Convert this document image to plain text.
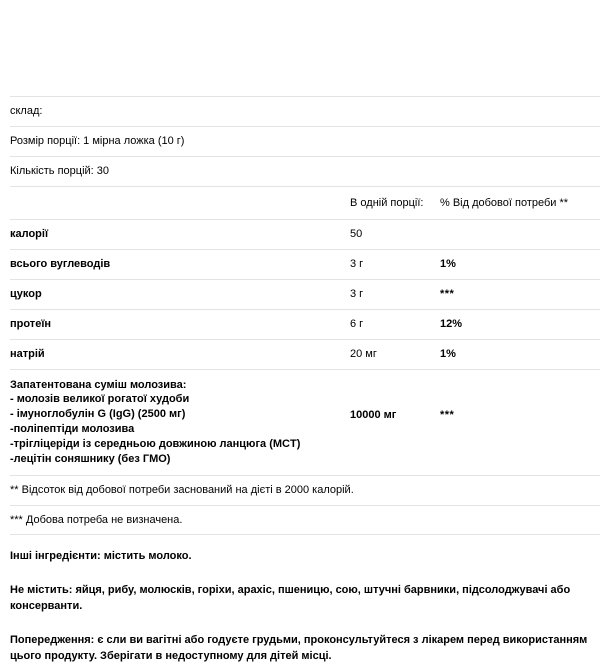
склад:		
Розмір порції: 1 мірна ложка (10 г)		
Кількість порцій: 30		
	В одній порції:	% Від добової потреби **
калорії	50	
всього вуглеводів	3 г	1%
цукор	3 г	***
протеїн	6 г	12%
натрій	20 мг	1%

Запатентована суміш молозива:
- молозів великої рогатої худоби
- імуноглобулін G (IgG) (2500 мг)
-поліпептіди молозива
-трігліцеріди із середньою довжиною ланцюга (MCT)
-лецітін соняшнику (без ГМО)
	10000 мг	***
** Відсоток від добової потреби заснований на дієті в 2000 калорій.		
*** Добова потреба не визначена.		

Інші інгредієнти: містить молоко.

Не містить: яйця, рибу, молюсків, горіхи, арахіс, пшеницю, сою, штучні барвники, підсолоджувачі або консерванти.

Попередження: є сли ви вагітні або годуєте грудьми, проконсультуйтеся з лікарем перед використанням цього продукту. Зберігати в недоступному для дітей місці.
